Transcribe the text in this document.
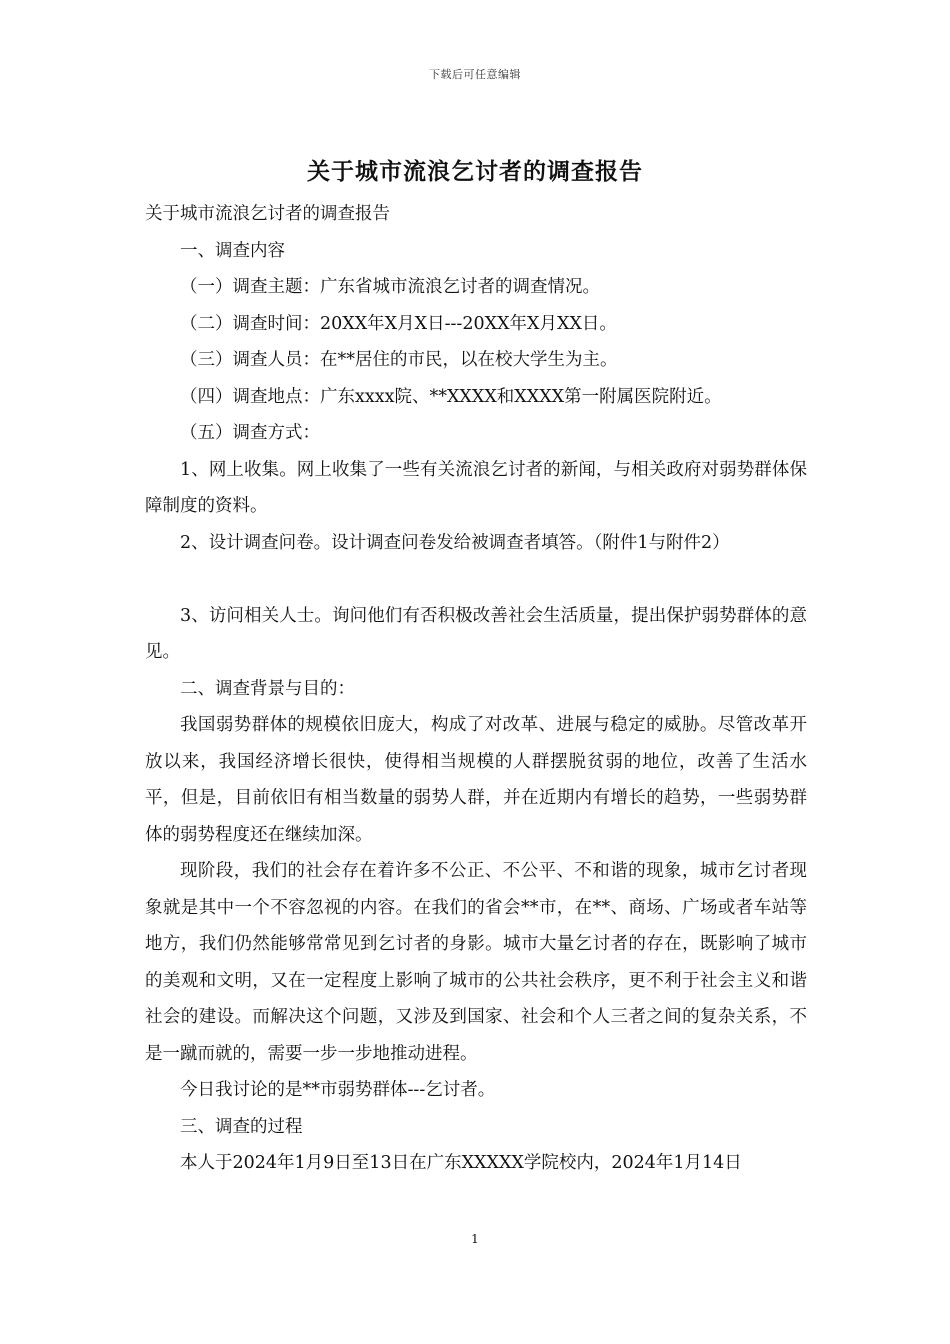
下载后可任意编辑
关于城市流浪乞讨者的调查报告

关于城市流浪乞讨者的调查报告

一、调查内容

（一）调查主题：广东省城市流浪乞讨者的调查情况。

（二）调查时间：20XX年X月X日---20XX年X月XX日。

（三）调查人员：在**居住的市民，以在校大学生为主。

（四）调查地点：广东xxxx院、**XXXX和XXXX第一附属医院附近。

（五）调查方式：

1、网上收集。网上收集了一些有关流浪乞讨者的新闻，与相关政府对弱势群体保障制度的资料。

2、设计调查问卷。设计调查问卷发给被调查者填答。（附件1与附件2）

3、访问相关人士。询问他们有否积极改善社会生活质量，提出保护弱势群体的意见。

二、调查背景与目的：

我国弱势群体的规模依旧庞大，构成了对改革、进展与稳定的威胁。尽管改革开放以来，我国经济增长很快，使得相当规模的人群摆脱贫弱的地位，改善了生活水平，但是，目前依旧有相当数量的弱势人群，并在近期内有增长的趋势，一些弱势群体的弱势程度还在继续加深。

现阶段，我们的社会存在着许多不公正、不公平、不和谐的现象，城市乞讨者现象就是其中一个不容忽视的内容。在我们的省会**市，在**、商场、广场或者车站等地方，我们仍然能够常常见到乞讨者的身影。城市大量乞讨者的存在，既影响了城市的美观和文明，又在一定程度上影响了城市的公共社会秩序，更不利于社会主义和谐社会的建设。而解决这个问题，又涉及到国家、社会和个人三者之间的复杂关系，不是一蹴而就的，需要一步一步地推动进程。

今日我讨论的是**市弱势群体---乞讨者。

三、调查的过程

本人于2024年1月9日至13日在广东XXXXX学院校内，2024年1月14日

1
